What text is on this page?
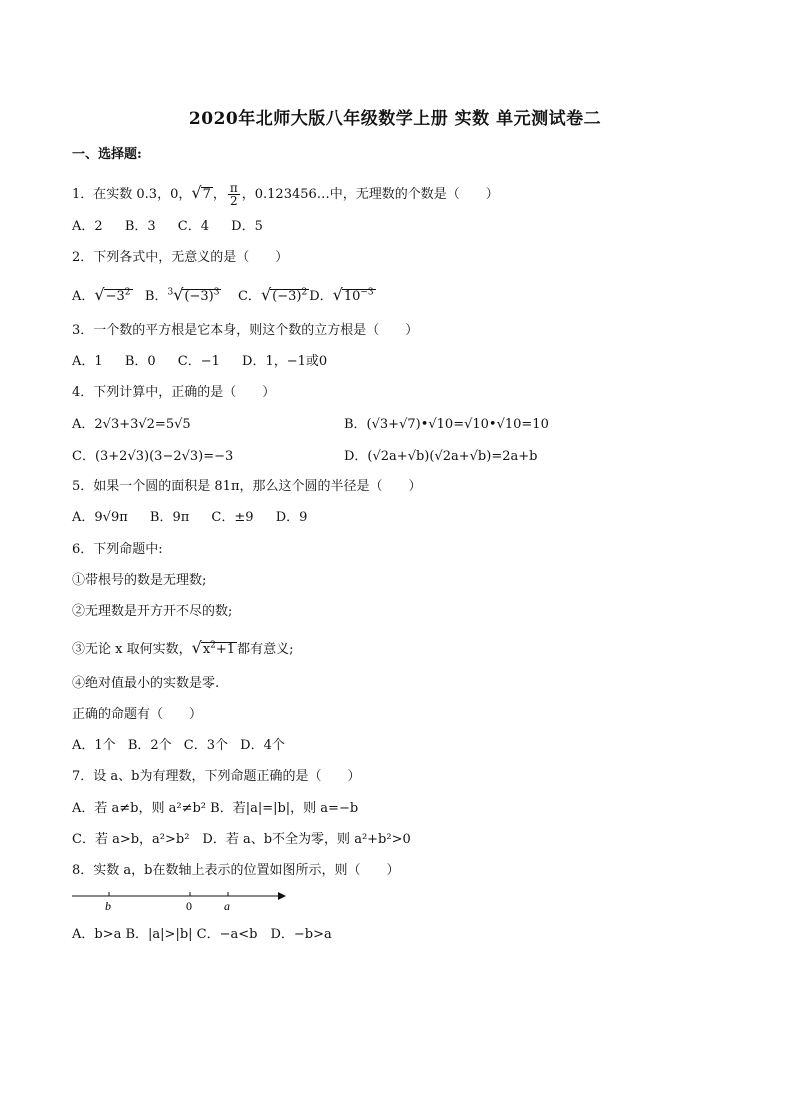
2020年北师大版八年级数学上册 实数 单元测试卷二
一、选择题:
1．在实数 0.3，0，√7 ， $\frac{\pi}{2}$ ，0.123456…中，无理数的个数是（　　）
A．2 B．3 C．4 D．5
2．下列各式中，无意义的是（　　）
A．$√-3^2$ B．$^3√(-3)^3$ C．$√(-3)^2$ D．$√10^{-3}$
3．一个数的平方根是它本身，则这个数的立方根是（　　）
A．1 B．0 C．−1 D．1，−1或0
4．下列计算中，正确的是（　　）
A．2√3+3√2=5√5	B．(√3+√7)•√10=√10•√10=10
C．(3+2√3)(3−2√3)=−3	D．(√2a+√b)(√2a+√b)=2a+b
5．如果一个圆的面积是 81π，那么这个圆的半径是（　　）
A．9√9π B．9π C．±9 D．9
6．下列命题中:
①带根号的数是无理数;
②无理数是开方开不尽的数;
③无论 x 取何实数，$√x^2+1$ 都有意义;
④绝对值最小的实数是零.
正确的命题有（　　）
A．1个 B．2个 C．3个 D．4个
7．设 a、b为有理数，下列命题正确的是（　　）
A．若 a≠b，则 a²≠b² B．若|a|=|b|，则 a=−b
C．若 a>b，a²>b²　D．若 a、b不全为零，则 a²+b²>0
8．实数 a，b在数轴上表示的位置如图所示，则（　　）
b	0	a
A．b>a B．|a|>|b| C．−a<b　D．−b>a
